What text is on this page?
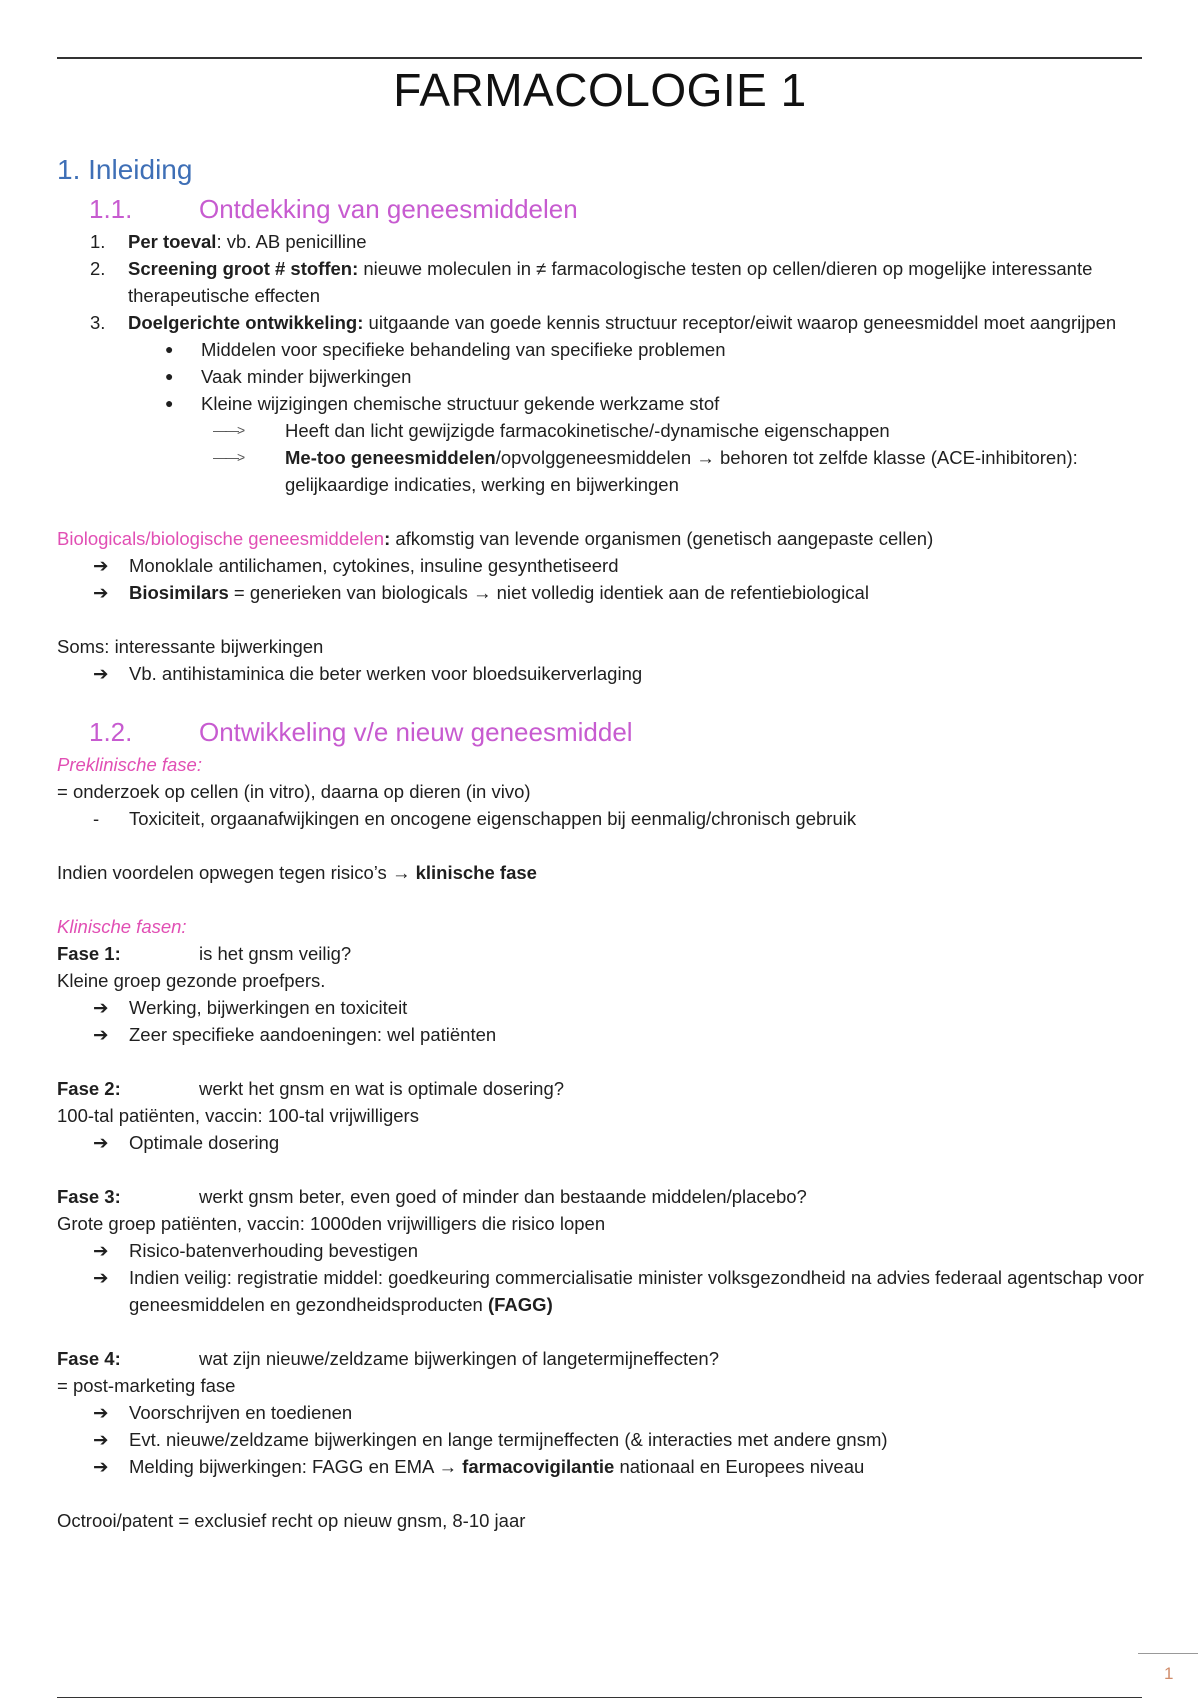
FARMACOLOGIE 1
1. Inleiding
1.1.	Ontdekking van geneesmiddelen
1.	Per toeval: vb. AB penicilline
2.	Screening groot # stoffen: nieuwe moleculen in ≠ farmacologische testen op cellen/dieren op mogelijke interessante therapeutische effecten
3.	Doelgerichte ontwikkeling: uitgaande van goede kennis structuur receptor/eiwit waarop geneesmiddel moet aangrijpen
●	Middelen voor specifieke behandeling van specifieke problemen
●	Vaak minder bijwerkingen
●	Kleine wijzigingen chemische structuur gekende werkzame stof
——>	Heeft dan licht gewijzigde farmacokinetische/-dynamische eigenschappen
——>	Me-too geneesmiddelen/opvolggeneesmiddelen → behoren tot zelfde klasse (ACE-inhibitoren): gelijkaardige indicaties, werking en bijwerkingen
Biologicals/biologische geneesmiddelen: afkomstig van levende organismen (genetisch aangepaste cellen)
➔	Monoklale antilichamen, cytokines, insuline gesynthetiseerd
➔	Biosimilars = generieken van biologicals → niet volledig identiek aan de refentiebiological
Soms: interessante bijwerkingen
➔	Vb. antihistaminica die beter werken voor bloedsuikerverlaging
1.2.	Ontwikkeling v/e nieuw geneesmiddel
Preklinische fase:
= onderzoek op cellen (in vitro), daarna op dieren (in vivo)
-	Toxiciteit, orgaanafwijkingen en oncogene eigenschappen bij eenmalig/chronisch gebruik
Indien voordelen opwegen tegen risico’s → klinische fase
Klinische fasen:
Fase 1:	is het gnsm veilig?
Kleine groep gezonde proefpers.
➔	Werking, bijwerkingen en toxiciteit
➔	Zeer specifieke aandoeningen: wel patiënten
Fase 2:	werkt het gnsm en wat is optimale dosering?
100-tal patiënten, vaccin: 100-tal vrijwilligers
➔	Optimale dosering
Fase 3:	werkt gnsm beter, even goed of minder dan bestaande middelen/placebo?
Grote groep patiënten, vaccin: 1000den vrijwilligers die risico lopen
➔	Risico-batenverhouding bevestigen
➔	Indien veilig: registratie middel: goedkeuring commercialisatie minister volksgezondheid na advies federaal agentschap voor geneesmiddelen en gezondheidsproducten (FAGG)
Fase 4:	wat zijn nieuwe/zeldzame bijwerkingen of langetermijneffecten?
= post-marketing fase
➔	Voorschrijven en toedienen
➔	Evt. nieuwe/zeldzame bijwerkingen en lange termijneffecten (& interacties met andere gnsm)
➔	Melding bijwerkingen: FAGG en EMA → farmacovigilantie nationaal en Europees niveau
Octrooi/patent = exclusief recht op nieuw gnsm, 8-10 jaar
1
